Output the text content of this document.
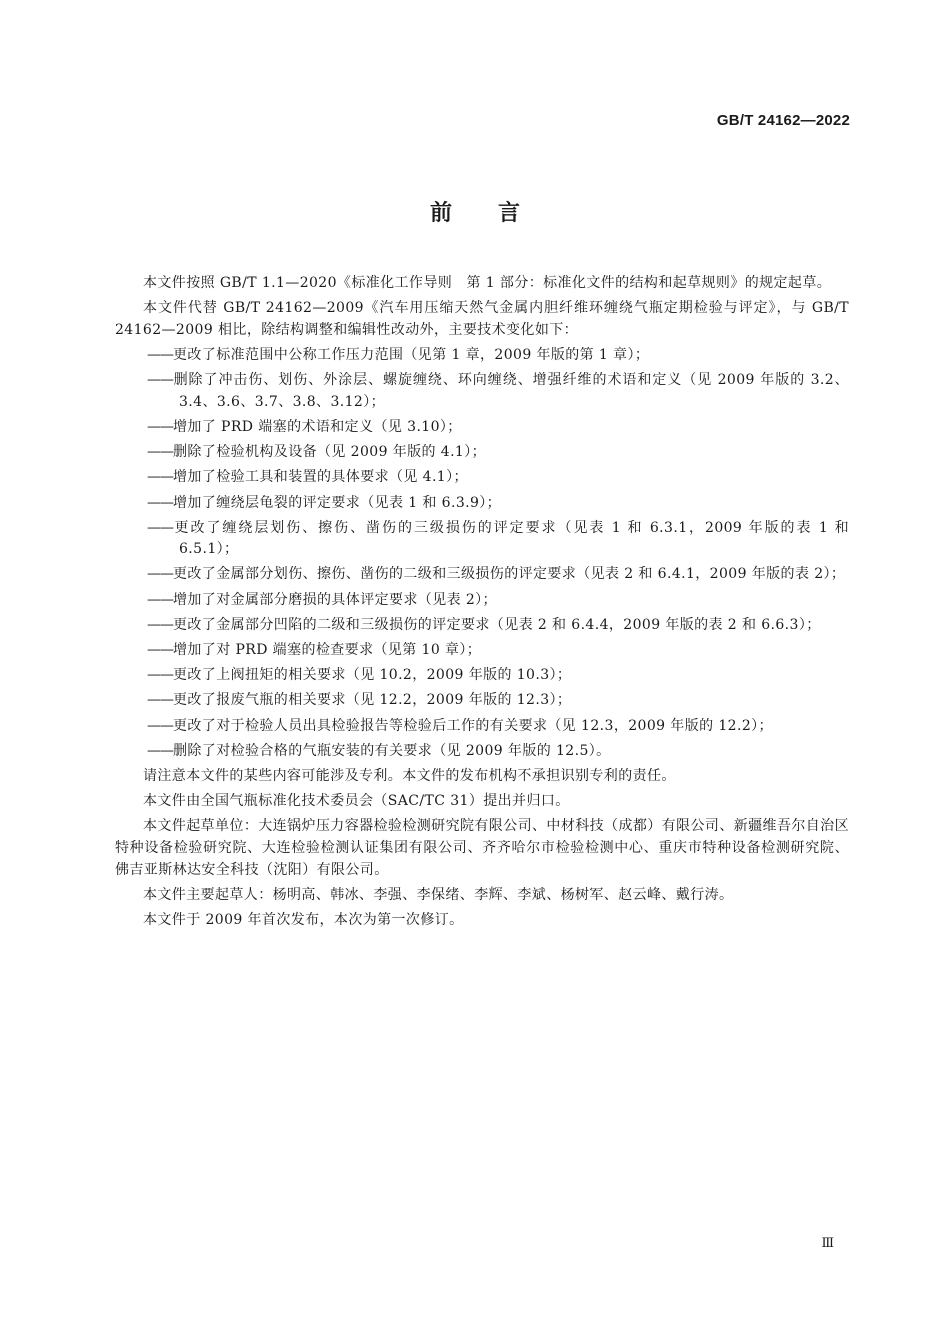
GB/T 24162—2022
前言

本文件按照 GB/T 1.1—2020《标准化工作导则　第 1 部分：标准化文件的结构和起草规则》的规定起草。

本文件代替 GB/T 24162—2009《汽车用压缩天然气金属内胆纤维环缠绕气瓶定期检验与评定》，与 GB/T 24162—2009 相比，除结构调整和编辑性改动外，主要技术变化如下：

——更改了标准范围中公称工作压力范围（见第 1 章，2009 年版的第 1 章）；

——删除了冲击伤、划伤、外涂层、螺旋缠绕、环向缠绕、增强纤维的术语和定义（见 2009 年版的 3.2、3.4、3.6、3.7、3.8、3.12）；

——增加了 PRD 端塞的术语和定义（见 3.10）；

——删除了检验机构及设备（见 2009 年版的 4.1）；

——增加了检验工具和装置的具体要求（见 4.1）；

——增加了缠绕层龟裂的评定要求（见表 1 和 6.3.9）；

——更改了缠绕层划伤、擦伤、凿伤的三级损伤的评定要求（见表 1 和 6.3.1，2009 年版的表 1 和 6.5.1）；

——更改了金属部分划伤、擦伤、凿伤的二级和三级损伤的评定要求（见表 2 和 6.4.1，2009 年版的表 2）；

——增加了对金属部分磨损的具体评定要求（见表 2）；

——更改了金属部分凹陷的二级和三级损伤的评定要求（见表 2 和 6.4.4，2009 年版的表 2 和 6.6.3）；

——增加了对 PRD 端塞的检查要求（见第 10 章）；

——更改了上阀扭矩的相关要求（见 10.2，2009 年版的 10.3）；

——更改了报废气瓶的相关要求（见 12.2，2009 年版的 12.3）；

——更改了对于检验人员出具检验报告等检验后工作的有关要求（见 12.3，2009 年版的 12.2）；

——删除了对检验合格的气瓶安装的有关要求（见 2009 年版的 12.5）。

请注意本文件的某些内容可能涉及专利。本文件的发布机构不承担识别专利的责任。

本文件由全国气瓶标准化技术委员会（SAC/TC 31）提出并归口。

本文件起草单位：大连锅炉压力容器检验检测研究院有限公司、中材科技（成都）有限公司、新疆维吾尔自治区特种设备检验研究院、大连检验检测认证集团有限公司、齐齐哈尔市检验检测中心、重庆市特种设备检测研究院、佛吉亚斯林达安全科技（沈阳）有限公司。

本文件主要起草人：杨明高、韩冰、李强、李保绪、李辉、李斌、杨树军、赵云峰、戴行涛。

本文件于 2009 年首次发布，本次为第一次修订。

Ⅲ
